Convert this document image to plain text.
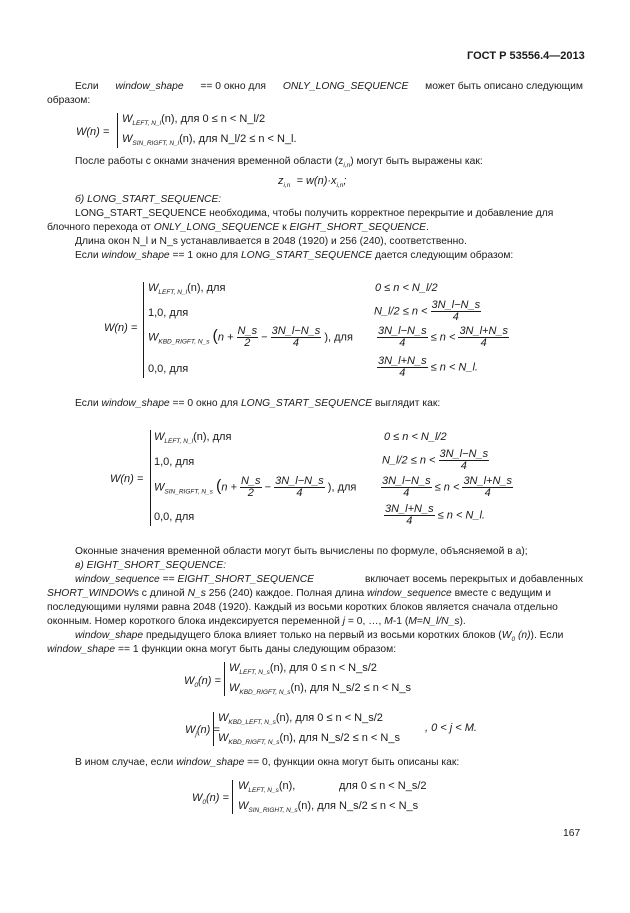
ГОСТ Р 53556.4—2013
Если window_shape == 0 окно для ONLY_LONG_SEQUENCE может быть описано следующим
образом:
W(n) =
$W_{LEFT, N\_l}(n)$, для 0 ≤ n < N_l/2
$W_{SIN\_RIGFT, N\_l}(n)$, для N_l/2 ≤ n < N_l.
После работы с окнами значения временной области $(z_{i,n})$ могут быть выражены как:
$z_{i,n} = w(n)\cdot x_{i,n}$;
б) LONG_START_SEQUENCE:
LONG_START_SEQUENCE необходима, чтобы получить корректное перекрытие и добавление для
блочного перехода от ONLY_LONG_SEQUENCE к EIGHT_SHORT_SEQUENCE.
Длина окон N_l и N_s устанавливается в 2048 (1920) и 256 (240), соответственно.
Если window_shape == 1 окно для LONG_START_SEQUENCE дается следующим образом:
W(n) =
$W_{LEFT, N\_l}(n)$, для	0 ≤ n < N_l/2
1,0, для	N_l/2 ≤ $n < \frac{3N\_l-N\_s}{4}$
$W_{KBD\_RIGFT, N\_s}$ ($n + \frac{N\_s}{2} - \frac{3N\_l-N\_s}{4}$ ), для $\frac{3N\_l-N\_s}{4} \le n < \frac{3N\_l+N\_s}{4}$
0,0, для	$\frac{3N\_l+N\_s}{4} \le n$ < N_l.
Если window_shape == 0 окно для LONG_START_SEQUENCE выглядит как:
W(n) =
$W_{LEFT, N\_l}(n)$, для	0 ≤ n < N_l/2
1,0, для	N_l/2 ≤ $n < \frac{3N\_l-N\_s}{4}$
$W_{SIN\_RIGFT, N\_s}$ ($n + \frac{N\_s}{2} - \frac{3N\_l-N\_s}{4}$ ), для $\frac{3N\_l-N\_s}{4} \le n < \frac{3N\_l+N\_s}{4}$
0,0, для	$\frac{3N\_l+N\_s}{4} \le n$ < N_l.
Оконные значения временной области могут быть вычислены по формуле, объясняемой в а);
в) EIGHT_SHORT_SEQUENCE:
window_sequence == EIGHT_SHORT_SEQUENCE	включает восемь перекрытых и добавленных
SHORT_WINDOWs с длиной N_s 256 (240) каждое. Полная длина window_sequence вместе с ведущим и
последующими нулями равна 2048 (1920). Каждый из восьми коротких блоков является сначала отдельно
оконным. Номер короткого блока индексируется переменной j = 0, …, M-1 (M=N_l/N_s).
window_shape предыдущего блока влияет только на первый из восьми коротких блоков ($W_0$ (n)). Если
window_shape == 1 функции окна могут быть даны следующим образом:
$W_0(n)$ =
$W_{LEFT, N\_s}(n)$, для 0 ≤ n < N_s/2
$W_{KBD\_RIGFT, N\_s}(n)$, для N_s/2 ≤ n < N_s
$W_j(n)$ =
$W_{KBD\_LEFT, N\_s}(n)$, для 0 ≤ n < N_s/2
$W_{KBD\_RIGFT, N\_s}(n)$, для N_s/2 ≤ n < N_s
, 0 < j < M.
В ином случае, если window_shape == 0, функции окна могут быть описаны как:
$W_0(n)$ =
$W_{LEFT, N\_s}(n)$,	для 0 ≤ n < N_s/2
$W_{SIN\_RIGHT, N\_s}(n)$, для N_s/2 ≤ n < N_s
167
